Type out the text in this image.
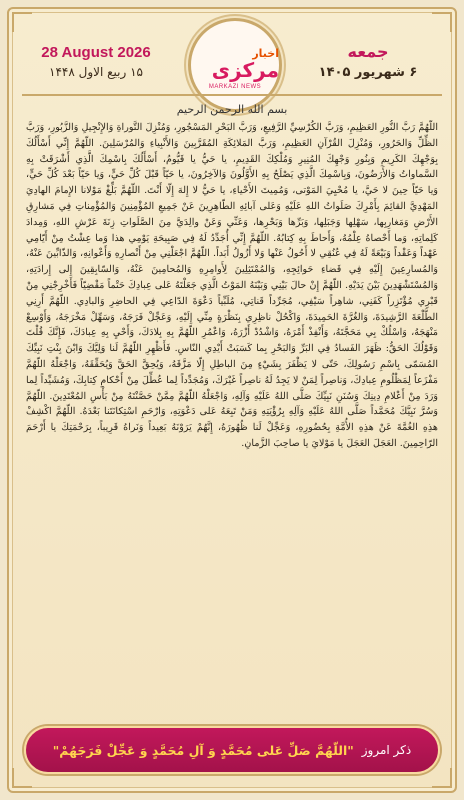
28 August 2026
۱۵ ربیع الاول ۱۴۴۸
اخبار مرکزی
MARKAZI NEWS
جمعه
۶ شهریور ۱۴۰۵
بسم الله الرحمن الرحیم
اللّهُمَّ رَبَّ النُّورِ العَظِيمِ، وَرَبَّ الكُرْسِيِّ الرَّفِيعِ، وَرَبَّ البَحْرِ المَسْجُورِ، وَمُنْزِلَ التَّوراةِ وَالإِنْجِيلِ وَالزَّبُورِ، وَرَبَّ الظِّلِّ وَالحَرُورِ، وَمُنْزِلَ القُرْآنِ العَظِيمِ، وَرَبَّ المَلائِكَةِ المُقَرَّبِينَ وَالأَنْبِياءِ وَالمُرْسَلِينَ. اللّهُمَّ إِنِّي أَسْأَلُكَ بِوَجْهِكَ الكَرِيمِ وَبِنُورِ وَجْهِكَ المُنِيرِ وَمُلْكِكَ القَدِيمِ، يا حَيُّ يا قَيُّومُ، أَسْأَلُكَ بِاسْمِكَ الَّذِي أَشْرَقَتْ بِهِ السَّماواتُ وَالأَرَضُونَ، وَبِاسْمِكَ الَّذِي يَصْلَحُ بِهِ الأَوَّلُونَ وَالآخِرُونَ، يا حَيّاً قَبْلَ كُلِّ حَيٍّ، وَيا حَيّاً بَعْدَ كُلِّ حَيٍّ، وَيا حَيّاً حِينَ لا حَيَّ، يا مُحْيِيَ المَوْتى، وَمُمِيتَ الأَحْياءِ، يا حَيُّ لا إِلهَ إِلّا أَنْتَ. اللّهُمَّ بَلِّغْ مَوْلانا الإِمامَ الهادِيَ المَهْدِيَّ القائِمَ بِأَمْرِكَ صَلَواتُ اللهِ عَلَيْهِ وَعَلى آبائِهِ الطّاهِرِينَ عَنْ جَمِيعِ المُؤْمِنِينَ وَالمُؤْمِناتِ فِي مَشارِقِ الأَرْضِ وَمَغارِبِها، سَهْلِها وَجَبَلِها، وَبَرِّها وَبَحْرِها، وَعَنِّي وَعَنْ والِدَيَّ مِنَ الصَّلَواتِ زِنَةَ عَرْشِ اللهِ، وَمِدادَ كَلِماتِهِ، وَما أَحْصاهُ عِلْمُهُ، وَأَحاطَ بِهِ كِتابُهُ. اللّهُمَّ إِنِّي أُجَدِّدُ لَهُ فِي صَبِيحَةِ يَوْمِي هذا وَما عِشْتُ مِنْ أَيّامِي عَهْداً وَعَقْداً وَبَيْعَةً لَهُ فِي عُنُقِي لا أَحُولُ عَنْها وَلا أَزُولُ أَبَداً. اللّهُمَّ اجْعَلْنِي مِنْ أَنْصارِهِ وَأَعْوانِهِ، وَالذّابِّينَ عَنْهُ، وَالمُسارِعِينَ إِلَيْهِ فِي قَضاءِ حَوائِجِهِ، وَالمُمْتَثِلِينَ لِأَوامِرِهِ وَالمُحامِينَ عَنْهُ، وَالسّابِقِينَ إِلى إِرادَتِهِ، وَالمُسْتَشْهَدِينَ بَيْنَ يَدَيْهِ. اللّهُمَّ إِنْ حالَ بَيْنِي وَبَيْنَهُ المَوْتُ الَّذِي جَعَلْتَهُ عَلى عِبادِكَ حَتْماً مَقْضِيّاً فَأَخْرِجْنِي مِنْ قَبْرِي مُؤْتَزِراً كَفَنِي، شاهِراً سَيْفِي، مُجَرِّداً قَناتِي، مُلَبِّياً دَعْوَةَ الدّاعِي فِي الحاضِرِ وَالبادِي. اللّهُمَّ أَرِنِي الطَّلْعَةَ الرَّشِيدَةَ، وَالغُرَّةَ الحَمِيدَةَ، وَاكْحُلْ ناظِرِي بِنَظْرَةٍ مِنِّي إِلَيْهِ، وَعَجِّلْ فَرَجَهُ، وَسَهِّلْ مَخْرَجَهُ، وَأَوْسِعْ مَنْهَجَهُ، وَاسْلُكْ بِي مَحَجَّتَهُ، وَأَنْفِذْ أَمْرَهُ، وَاشْدُدْ أَزْرَهُ، وَاعْمُرِ اللّهُمَّ بِهِ بِلادَكَ، وَأَحْيِ بِهِ عِبادَكَ، فَإِنَّكَ قُلْتَ وَقَوْلُكَ الحَقُّ: ظَهَرَ الفَسادُ فِي البَرِّ وَالبَحْرِ بِما كَسَبَتْ أَيْدِي النّاسِ. فَأَظْهِرِ اللّهُمَّ لَنا وَلِيَّكَ وَابْنَ بِنْتِ نَبِيِّكَ المُسَمّى بِاسْمِ رَسُولِكَ، حَتّى لا يَظْفَرَ بِشَيْءٍ مِنَ الباطِلِ إِلّا مَزَّقَهُ، وَيُحِقَّ الحَقَّ وَيُحَقِّقَهُ، وَاجْعَلْهُ اللّهُمَّ مَفْزَعاً لِمَظْلُومِ عِبادِكَ، وَناصِراً لِمَنْ لا يَجِدُ لَهُ ناصِراً غَيْرَكَ، وَمُجَدِّداً لِما عُطِّلَ مِنْ أَحْكامِ كِتابِكَ، وَمُشَيِّداً لِما وَرَدَ مِنْ أَعْلامِ دِينِكَ وَسُنَنِ نَبِيِّكَ صَلَّى اللهُ عَلَيْهِ وَآلِهِ، وَاجْعَلْهُ اللّهُمَّ مِمَّنْ حَصَّنْتَهُ مِنْ بَأْسِ المُعْتَدِينَ. اللّهُمَّ وَسُرَّ نَبِيَّكَ مُحَمَّداً صَلَّى اللهُ عَلَيْهِ وَآلِهِ بِرُؤْيَتِهِ وَمَنْ تَبِعَهُ عَلى دَعْوَتِهِ، وَارْحَمِ اسْتِكانَتَنا بَعْدَهُ. اللّهُمَّ اكْشِفْ هذِهِ الغُمَّةَ عَنْ هذِهِ الأُمَّةِ بِحُضُورِهِ، وَعَجِّلْ لَنا ظُهُورَهُ، إِنَّهُمْ يَرَوْنَهُ بَعِيداً وَنَراهُ قَرِيباً، بِرَحْمَتِكَ يا أَرْحَمَ الرّاحِمِينَ. العَجَلَ العَجَلَ يا مَوْلايَ يا صاحِبَ الزَّمانِ.
ذکر امروز
"اللّهُمَّ صَلِّ عَلی مُحَمَّدٍ وَ آلِ مُحَمَّدٍ وَ عَجِّلْ فَرَجَهُمْ"
